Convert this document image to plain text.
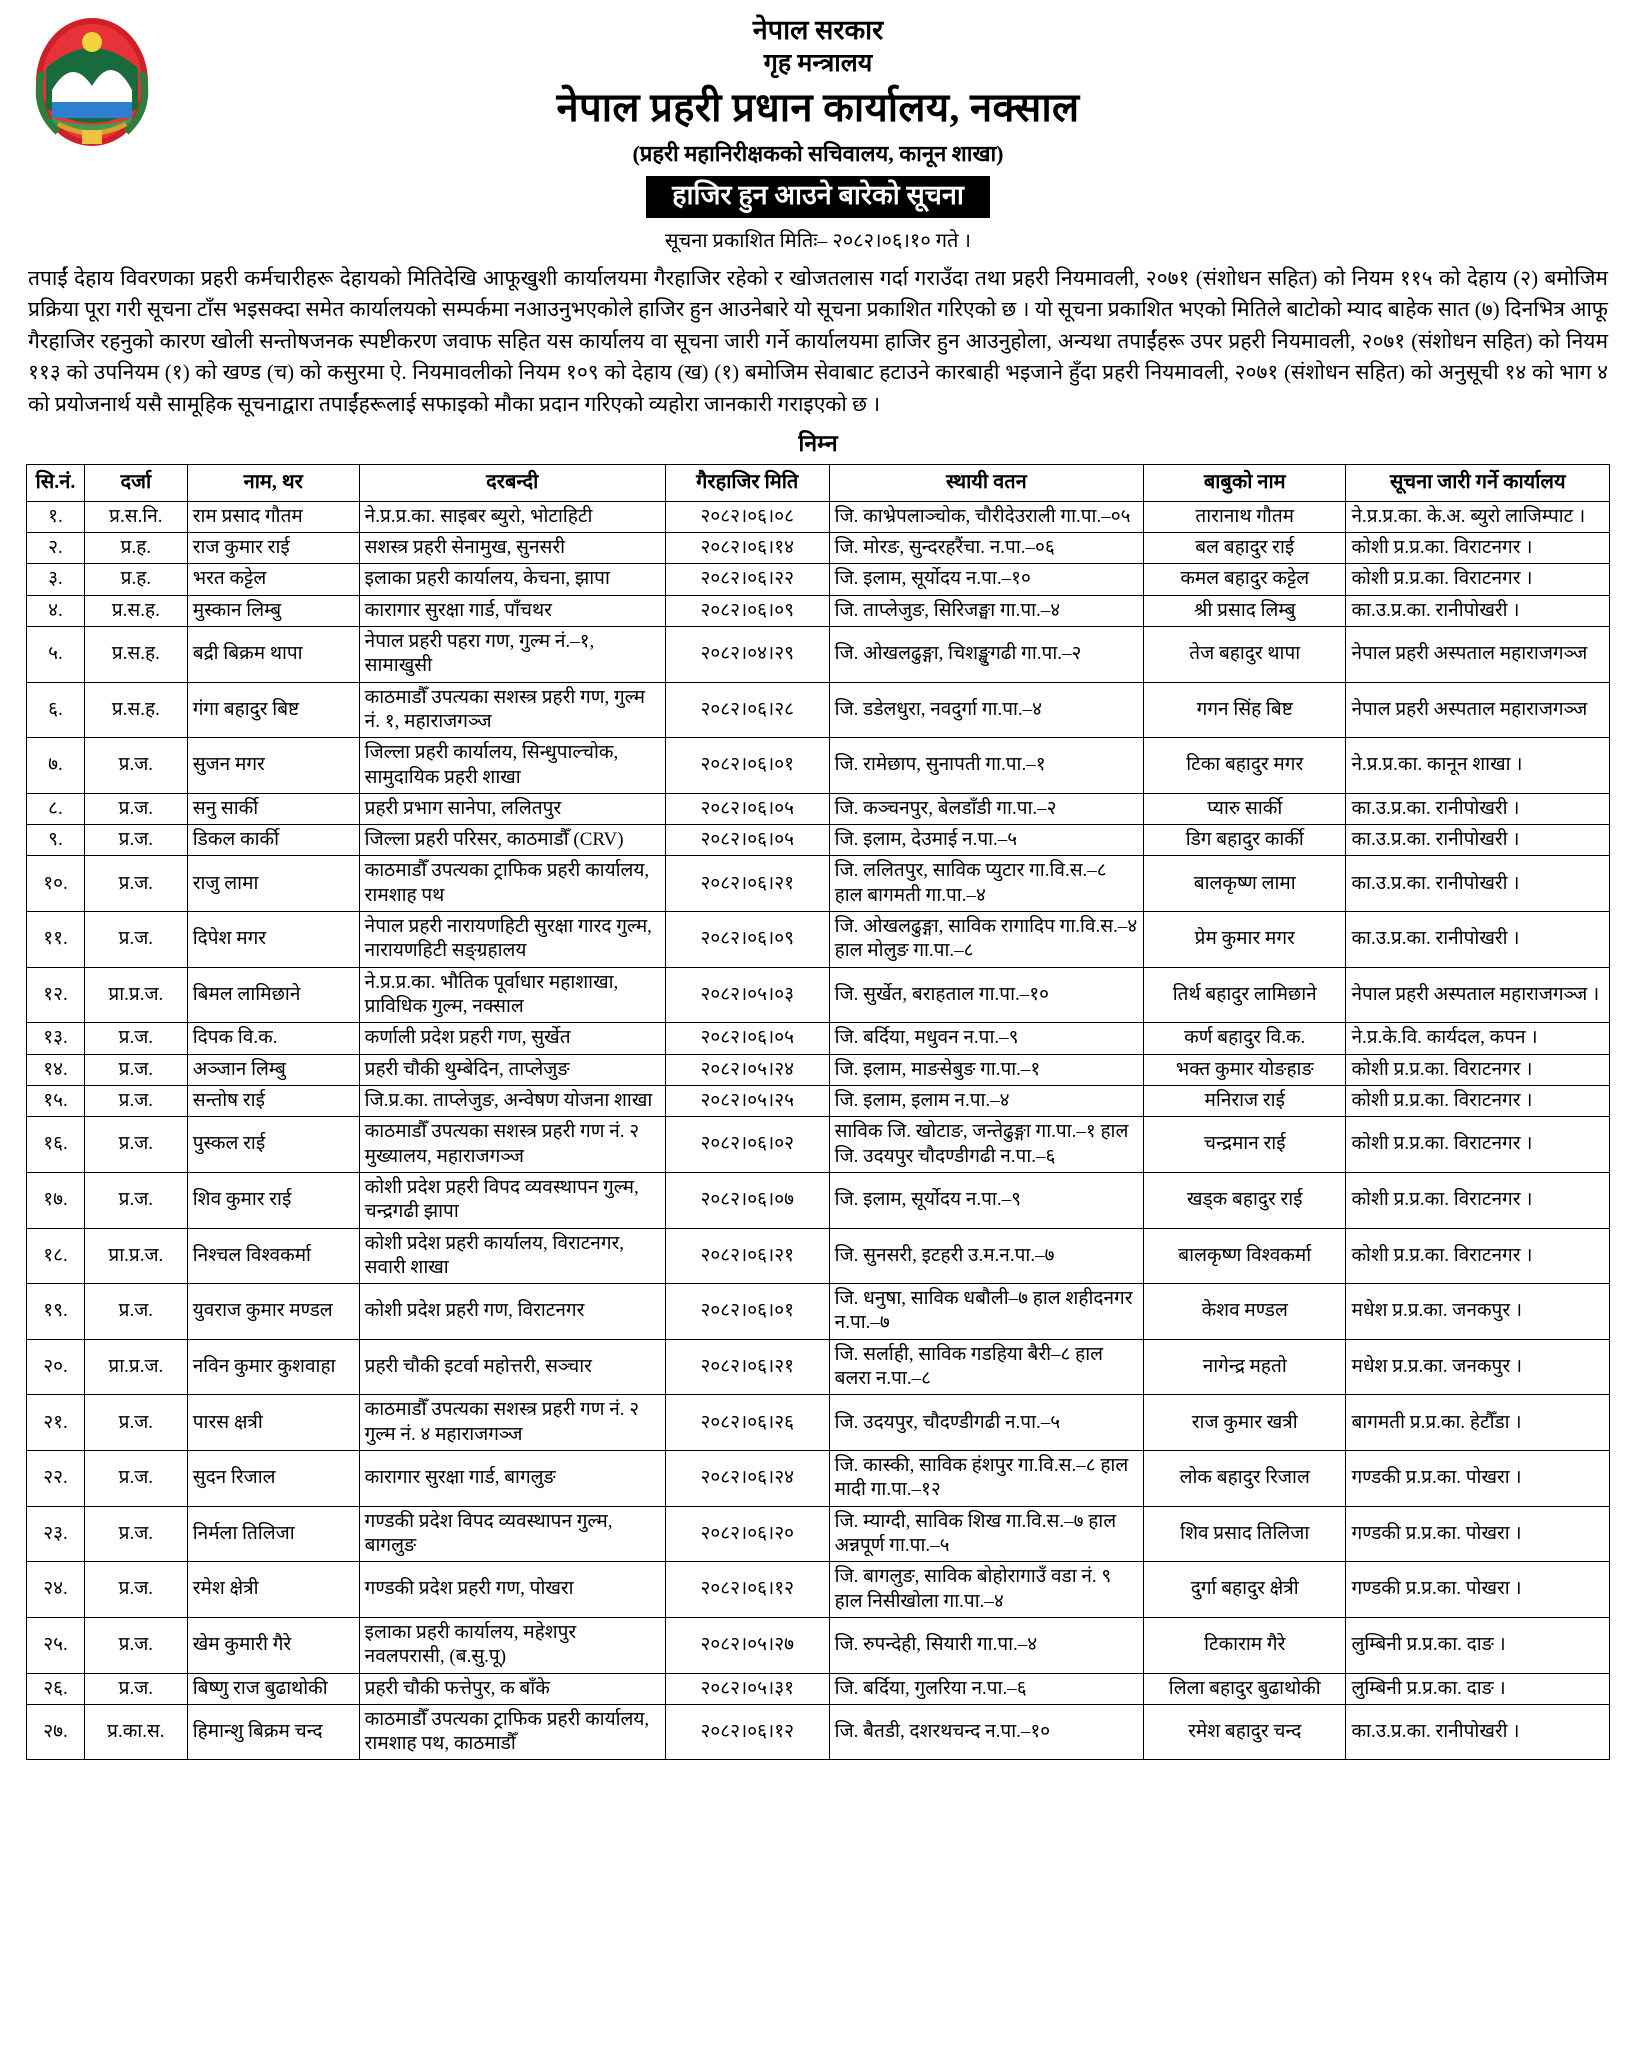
नेपाल सरकार
गृह मन्त्रालय
नेपाल प्रहरी प्रधान कार्यालय, नक्साल
(प्रहरी महानिरीक्षकको सचिवालय, कानून शाखा)
हाजिर हुन आउने बारेको सूचना
सूचना प्रकाशित मितिः– २०८२।०६।१० गते ।
तपाईं देहाय विवरणका प्रहरी कर्मचारीहरू देहायको मितिदेखि आफूखुशी कार्यालयमा गैरहाजिर रहेको र खोजतलास गर्दा गराउँदा तथा प्रहरी नियमावली, २०७१ (संशोधन सहित) को नियम ११५ को देहाय (२) बमोजिम प्रक्रिया पूरा गरी सूचना टाँस भइसक्दा समेत कार्यालयको सम्पर्कमा नआउनुभएकोले हाजिर हुन आउनेबारे यो सूचना प्रकाशित गरिएको छ । यो सूचना प्रकाशित भएको मितिले बाटोको म्याद बाहेक सात (७) दिनभित्र आफू गैरहाजिर रहनुको कारण खोली सन्तोषजनक स्पष्टीकरण जवाफ सहित यस कार्यालय वा सूचना जारी गर्ने कार्यालयमा हाजिर हुन आउनुहोला, अन्यथा तपाईंहरू उपर प्रहरी नियमावली, २०७१ (संशोधन सहित) को नियम ११३ को उपनियम (१) को खण्ड (च) को कसुरमा ऐ. नियमावलीको नियम १०९ को देहाय (ख) (१) बमोजिम सेवाबाट हटाउने कारबाही भइजाने हुँदा प्रहरी नियमावली, २०७१ (संशोधन सहित) को अनुसूची १४ को भाग ४ को प्रयोजनार्थ यसै सामूहिक सूचनाद्वारा तपाईंहरूलाई सफाइको मौका प्रदान गरिएको व्यहोरा जानकारी गराइएको छ ।
निम्न
सि.नं.	दर्जा	नाम, थर	दरबन्दी	गैरहाजिर मिति	स्थायी वतन	बाबुको नाम	सूचना जारी गर्ने कार्यालय
१.	प्र.स.नि.	राम प्रसाद गौतम	ने.प्र.प्र.का. साइबर ब्युरो, भोटाहिटी	२०८२।०६।०८	जि. काभ्रेपलाञ्चोक, चौरीदेउराली गा.पा.–०५	तारानाथ गौतम	ने.प्र.प्र.का. के.अ. ब्युरो लाजिम्पाट ।
२.	प्र.ह.	राज कुमार राई	सशस्त्र प्रहरी सेनामुख, सुनसरी	२०८२।०६।१४	जि. मोरङ, सुन्दरहरैंचा. न.पा.–०६	बल बहादुर राई	कोशी प्र.प्र.का. विराटनगर ।
३.	प्र.ह.	भरत कट्टेल	इलाका प्रहरी कार्यालय, केचना, झापा	२०८२।०६।२२	जि. इलाम, सूर्योदय न.पा.–१०	कमल बहादुर कट्टेल	कोशी प्र.प्र.का. विराटनगर ।
४.	प्र.स.ह.	मुस्कान लिम्बु	कारागार सुरक्षा गार्ड, पाँचथर	२०८२।०६।०९	जि. ताप्लेजुङ, सिरिजङ्घा गा.पा.–४	श्री प्रसाद लिम्बु	का.उ.प्र.का. रानीपोखरी ।
५.	प्र.स.ह.	बद्री बिक्रम थापा	नेपाल प्रहरी पहरा गण, गुल्म नं.–१, सामाखुसी	२०८२।०४।२९	जि. ओखलढुङ्गा, चिशङ्खुगढी गा.पा.–२	तेज बहादुर थापा	नेपाल प्रहरी अस्पताल महाराजगञ्ज
६.	प्र.स.ह.	गंगा बहादुर बिष्ट	काठमाडौँ उपत्यका सशस्त्र प्रहरी गण, गुल्म नं. १, महाराजगञ्ज	२०८२।०६।२८	जि. डडेलधुरा, नवदुर्गा गा.पा.–४	गगन सिंह बिष्ट	नेपाल प्रहरी अस्पताल महाराजगञ्ज
७.	प्र.ज.	सुजन मगर	जिल्ला प्रहरी कार्यालय, सिन्धुपाल्चोक, सामुदायिक प्रहरी शाखा	२०८२।०६।०१	जि. रामेछाप, सुनापती गा.पा.–१	टिका बहादुर मगर	ने.प्र.प्र.का. कानून शाखा ।
८.	प्र.ज.	सनु सार्की	प्रहरी प्रभाग सानेपा, ललितपुर	२०८२।०६।०५	जि. कञ्चनपुर, बेलडाँडी गा.पा.–२	प्यारु सार्की	का.उ.प्र.का. रानीपोखरी ।
९.	प्र.ज.	डिकल कार्की	जिल्ला प्रहरी परिसर, काठमाडौँ (CRV)	२०८२।०६।०५	जि. इलाम, देउमाई न.पा.–५	डिग बहादुर कार्की	का.उ.प्र.का. रानीपोखरी ।
१०.	प्र.ज.	राजु लामा	काठमाडौँ उपत्यका ट्राफिक प्रहरी कार्यालय, रामशाह पथ	२०८२।०६।२१	जि. ललितपुर, साविक प्युटार गा.वि.स.–८ हाल बागमती गा.पा.–४	बालकृष्ण लामा	का.उ.प्र.का. रानीपोखरी ।
११.	प्र.ज.	दिपेश मगर	नेपाल प्रहरी नारायणहिटी सुरक्षा गारद गुल्म, नारायणहिटी सङ्ग्रहालय	२०८२।०६।०९	जि. ओखलढुङ्गा, साविक रागादिप गा.वि.स.–४ हाल मोलुङ गा.पा.–८	प्रेम कुमार मगर	का.उ.प्र.का. रानीपोखरी ।
१२.	प्रा.प्र.ज.	बिमल लामिछाने	ने.प्र.प्र.का. भौतिक पूर्वाधार महाशाखा, प्राविधिक गुल्म, नक्साल	२०८२।०५।०३	जि. सुर्खेत, बराहताल गा.पा.–१०	तिर्थ बहादुर लामिछाने	नेपाल प्रहरी अस्पताल महाराजगञ्ज ।
१३.	प्र.ज.	दिपक वि.क.	कर्णाली प्रदेश प्रहरी गण, सुर्खेत	२०८२।०६।०५	जि. बर्दिया, मधुवन न.पा.–९	कर्ण बहादुर वि.क.	ने.प्र.के.वि. कार्यदल, कपन ।
१४.	प्र.ज.	अञ्जान लिम्बु	प्रहरी चौकी थुम्बेदिन, ताप्लेजुङ	२०८२।०५।२४	जि. इलाम, माङसेबुङ गा.पा.–१	भक्त कुमार योङहाङ	कोशी प्र.प्र.का. विराटनगर ।
१५.	प्र.ज.	सन्तोष राई	जि.प्र.का. ताप्लेजुङ, अन्वेषण योजना शाखा	२०८२।०५।२५	जि. इलाम, इलाम न.पा.–४	मनिराज राई	कोशी प्र.प्र.का. विराटनगर ।
१६.	प्र.ज.	पुस्कल राई	काठमाडौँ उपत्यका सशस्त्र प्रहरी गण नं. २ मुख्यालय, महाराजगञ्ज	२०८२।०६।०२	साविक जि. खोटाङ, जन्तेढुङ्गा गा.पा.–१ हाल जि. उदयपुर चौदण्डीगढी न.पा.–६	चन्द्रमान राई	कोशी प्र.प्र.का. विराटनगर ।
१७.	प्र.ज.	शिव कुमार राई	कोशी प्रदेश प्रहरी विपद व्यवस्थापन गुल्म, चन्द्रगढी झापा	२०८२।०६।०७	जि. इलाम, सूर्योदय न.पा.–९	खड्क बहादुर राई	कोशी प्र.प्र.का. विराटनगर ।
१८.	प्रा.प्र.ज.	निश्चल विश्वकर्मा	कोशी प्रदेश प्रहरी कार्यालय, विराटनगर, सवारी शाखा	२०८२।०६।२१	जि. सुनसरी, इटहरी उ.म.न.पा.–७	बालकृष्ण विश्वकर्मा	कोशी प्र.प्र.का. विराटनगर ।
१९.	प्र.ज.	युवराज कुमार मण्डल	कोशी प्रदेश प्रहरी गण, विराटनगर	२०८२।०६।०१	जि. धनुषा, साविक धबौली–७ हाल शहीदनगर न.पा.–७	केशव मण्डल	मधेश प्र.प्र.का. जनकपुर ।
२०.	प्रा.प्र.ज.	नविन कुमार कुशवाहा	प्रहरी चौकी इटर्वा महोत्तरी, सञ्चार	२०८२।०६।२१	जि. सर्लाही, साविक गडहिया बैरी–८ हाल बलरा न.पा.–८	नागेन्द्र महतो	मधेश प्र.प्र.का. जनकपुर ।
२१.	प्र.ज.	पारस क्षत्री	काठमाडौँ उपत्यका सशस्त्र प्रहरी गण नं. २ गुल्म नं. ४ महाराजगञ्ज	२०८२।०६।२६	जि. उदयपुर, चौदण्डीगढी न.पा.–५	राज कुमार खत्री	बागमती प्र.प्र.का. हेटौँडा ।
२२.	प्र.ज.	सुदन रिजाल	कारागार सुरक्षा गार्ड, बागलुङ	२०८२।०६।२४	जि. कास्की, साविक हंशपुर गा.वि.स.–८ हाल मादी गा.पा.–१२	लोक बहादुर रिजाल	गण्डकी प्र.प्र.का. पोखरा ।
२३.	प्र.ज.	निर्मला तिलिजा	गण्डकी प्रदेश विपद व्यवस्थापन गुल्म, बागलुङ	२०८२।०६।२०	जि. म्याग्दी, साविक शिख गा.वि.स.–७ हाल अन्नपूर्ण गा.पा.–५	शिव प्रसाद तिलिजा	गण्डकी प्र.प्र.का. पोखरा ।
२४.	प्र.ज.	रमेश क्षेत्री	गण्डकी प्रदेश प्रहरी गण, पोखरा	२०८२।०६।१२	जि. बागलुङ, साविक बोहोरागाउँ वडा नं. ९ हाल निसीखोला गा.पा.–४	दुर्गा बहादुर क्षेत्री	गण्डकी प्र.प्र.का. पोखरा ।
२५.	प्र.ज.	खेम कुमारी गैरे	इलाका प्रहरी कार्यालय, महेशपुर नवलपरासी, (ब.सु.पू)	२०८२।०५।२७	जि. रुपन्देही, सियारी गा.पा.–४	टिकाराम गैरे	लुम्बिनी प्र.प्र.का. दाङ ।
२६.	प्र.ज.	बिष्णु राज बुढाथोकी	प्रहरी चौकी फत्तेपुर, क बाँके	२०८२।०५।३१	जि. बर्दिया, गुलरिया न.पा.–६	लिला बहादुर बुढाथोकी	लुम्बिनी प्र.प्र.का. दाङ ।
२७.	प्र.का.स.	हिमान्शु बिक्रम चन्द	काठमाडौँ उपत्यका ट्राफिक प्रहरी कार्यालय, रामशाह पथ, काठमाडौँ	२०८२।०६।१२	जि. बैतडी, दशरथचन्द न.पा.–१०	रमेश बहादुर चन्द	का.उ.प्र.का. रानीपोखरी ।
